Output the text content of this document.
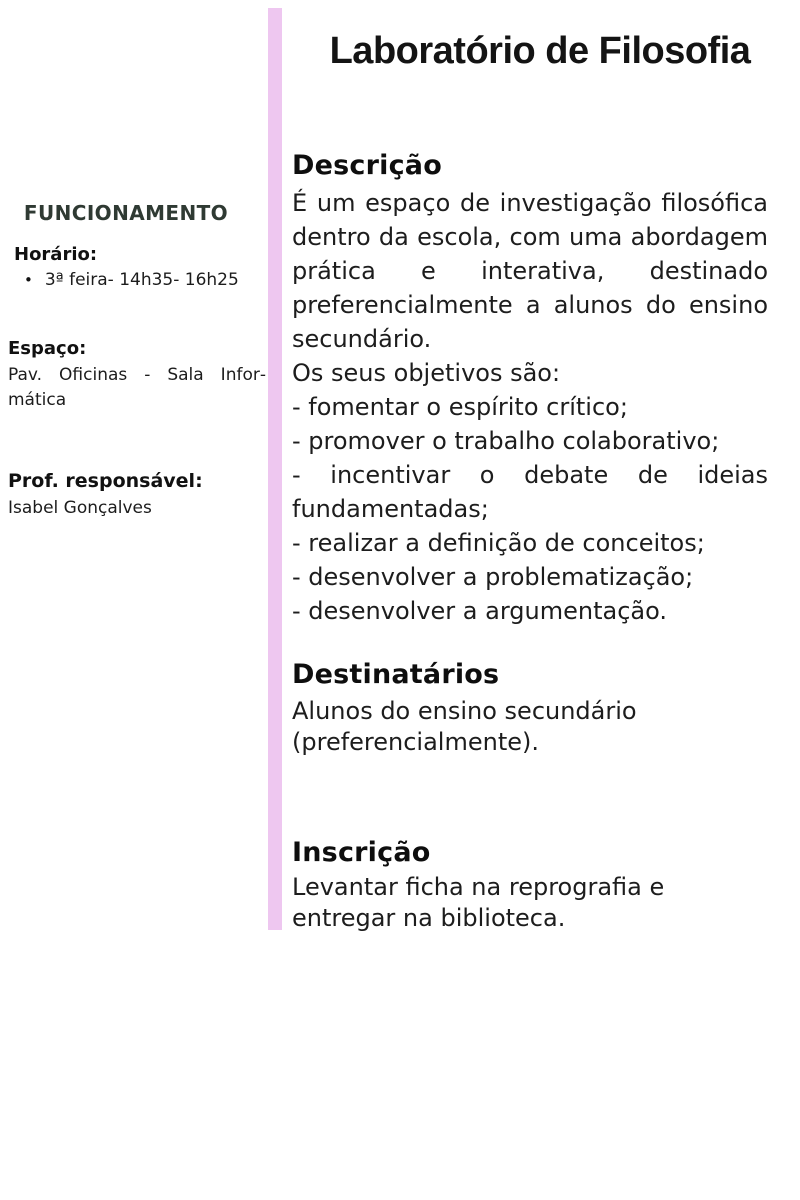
FUNCIONAMENTO
Horário:
• 3ª feira- 14h35- 16h25
Espaço:

Pav. Oficinas - Sala Informática

Prof. responsável:

Isabel Gonçalves

Laboratório de Filosofia
Descrição

É um espaço de investigação filosófica dentro da escola, com uma abordagem prática e interativa, destinado preferencialmente a alunos do ensino secundário.

Os seus objetivos são:

- fomentar o espírito crítico;

- promover o trabalho colaborativo;

- incentivar o debate de ideias fundamentadas;

- realizar a definição de conceitos;

- desenvolver a problematização;

- desenvolver a argumentação.

Destinatários

Alunos do ensino secundário (preferencialmente).

Inscrição

Levantar ficha na reprografia e entregar na biblioteca.
